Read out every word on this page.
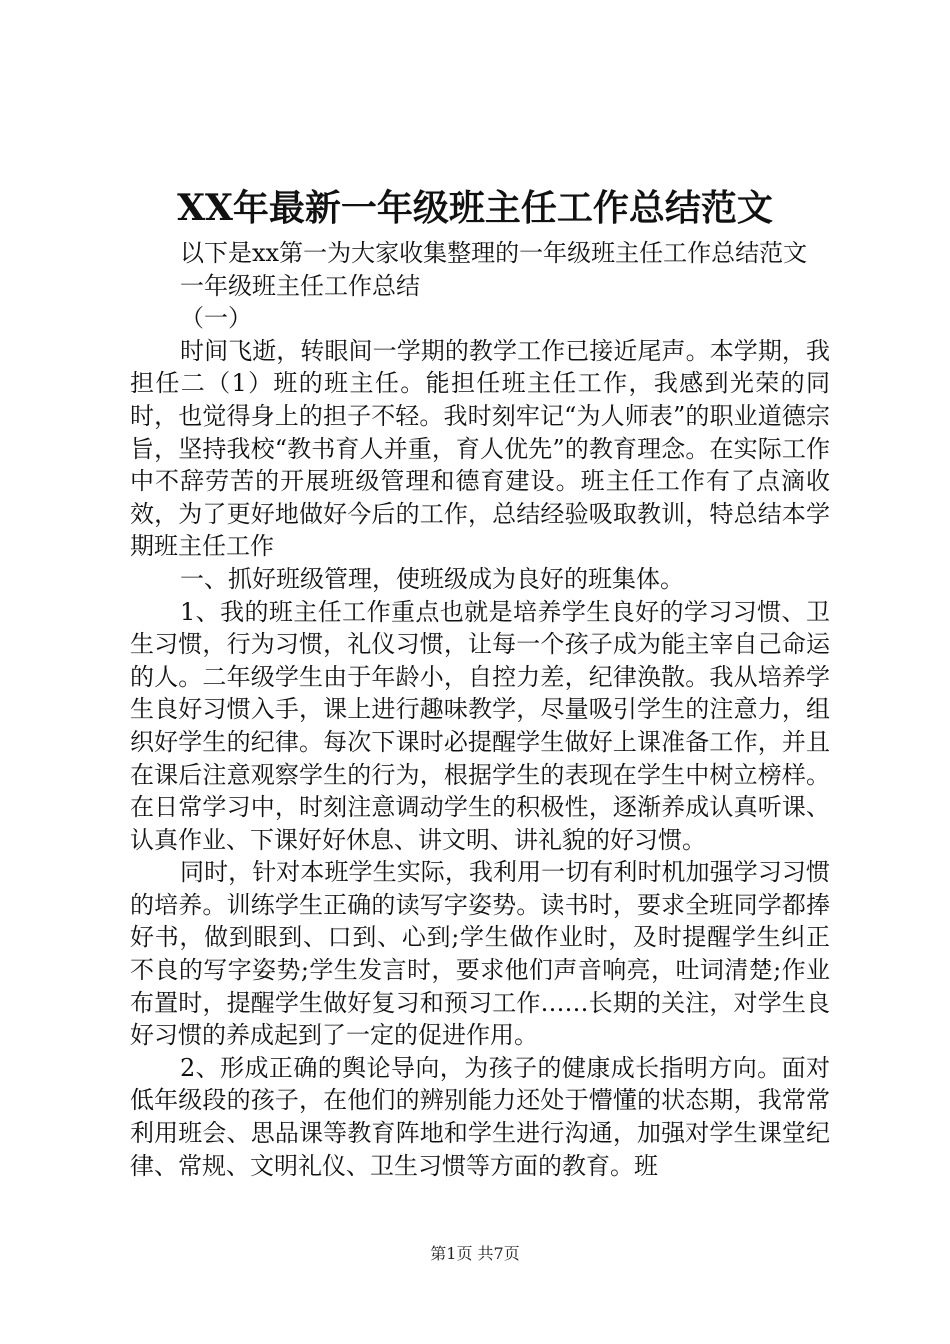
XX年最新一年级班主任工作总结范文

以下是xx第一为大家收集整理的一年级班主任工作总结范文

一年级班主任工作总结

（一）

时间飞逝，转眼间一学期的教学工作已接近尾声。本学期，我担任二（1）班的班主任。能担任班主任工作，我感到光荣的同时，也觉得身上的担子不轻。我时刻牢记“为人师表”的职业道德宗旨，坚持我校“教书育人并重，育人优先”的教育理念。在实际工作中不辞劳苦的开展班级管理和德育建设。班主任工作有了点滴收效，为了更好地做好今后的工作，总结经验吸取教训，特总结本学期班主任工作

一、抓好班级管理，使班级成为良好的班集体。

1、我的班主任工作重点也就是培养学生良好的学习习惯、卫生习惯，行为习惯，礼仪习惯，让每一个孩子成为能主宰自己命运的人。二年级学生由于年龄小，自控力差，纪律涣散。我从培养学生良好习惯入手，课上进行趣味教学，尽量吸引学生的注意力，组织好学生的纪律。每次下课时必提醒学生做好上课准备工作，并且在课后注意观察学生的行为，根据学生的表现在学生中树立榜样。在日常学习中，时刻注意调动学生的积极性，逐渐养成认真听课、认真作业、下课好好休息、讲文明、讲礼貌的好习惯。

同时，针对本班学生实际，我利用一切有利时机加强学习习惯的培养。训练学生正确的读写字姿势。读书时，要求全班同学都捧好书，做到眼到、口到、心到;学生做作业时，及时提醒学生纠正不良的写字姿势;学生发言时，要求他们声音响亮，吐词清楚;作业布置时，提醒学生做好复习和预习工作……长期的关注，对学生良好习惯的养成起到了一定的促进作用。

2、形成正确的舆论导向，为孩子的健康成长指明方向。面对低年级段的孩子，在他们的辨别能力还处于懵懂的状态期，我常常利用班会、思品课等教育阵地和学生进行沟通，加强对学生课堂纪律、常规、文明礼仪、卫生习惯等方面的教育。班

第1页 共7页
